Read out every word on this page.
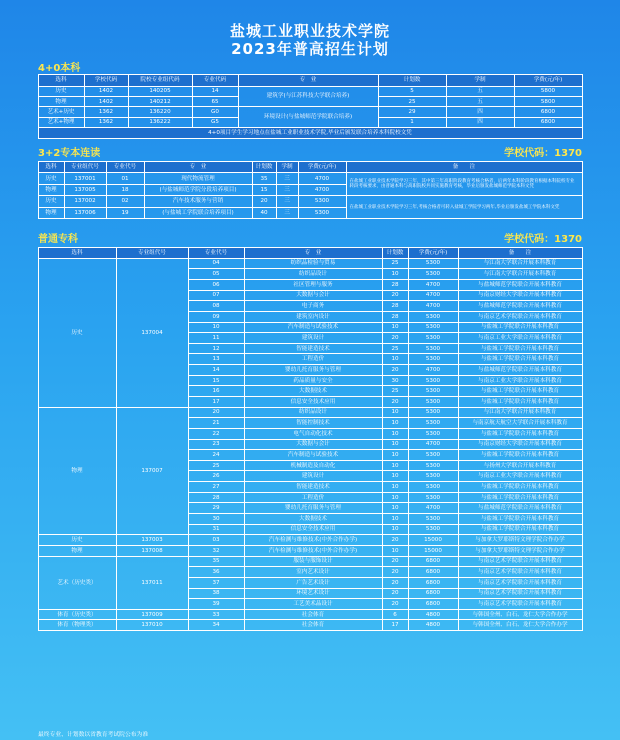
盐城工业职业技术学院
2023年普高招生计划
4+0本科
选科	学校代码	院校专业组代码	专业代码	专　业	计划数	学制	学费(元/年)
历史	1402	140205	14	建筑学(与江苏科技大学联合培养)	5	五	5800
物理	1402	140212	65		25	五	5800
艺术+历史	1362	136220	G0	环境设计(与盐城师范学院联合培养)	29	四	6800
艺术+物理	1362	136222	G5		1	四	6800
4+0项目学生学习地点在盐城工业职业技术学院,毕业后颁发联合培养本科院校文凭							
3+2专本连读	学校代码：1370
选科	专业组代号	专业代号	专　业	计划数	学制	学费(元/年)	备　　注
历史	137001	01	现代物流管理	35	三	4700	在盐城工业职业技术学院学习三年，其中第三年高职阶段教育考核合格者，后两年本科阶段教育根据本科院校专业转段考核要求，由普通本科与高职院校共同实施教育考核，毕业后颁发盐城师范学院本科文凭
物理	137005	18	(与盐城师范学院分段培养项目)	15	三	4700	
历史	137002	02	汽车技术服务与营销	20	三	5300	在盐城工业职业技术学院学习三年,考核合格者可转入盐城工学院学习两年,毕业后颁发盐城工学院本科文凭
物理	137006	19	(与盐城工学院联合培养项目)	40	三	5300	
普通专科	学校代码：1370
选科	专业组代号	专业代号	专　业	计划数	学费(元/年)	备　　注
历史	137004	04	纺织品检验与贸易	25	5300	与江南大学联合开展本科教育
		05	纺织品设计	10	5300	与江南大学联合开展本科教育
		06	社区管理与服务	28	4700	与盐城师范学院联合开展本科教育
		07	大数据与会计	20	4700	与南京财经大学联合开展本科教育
		08	电子商务	28	4700	与盐城师范学院联合开展本科教育
		09	建筑室内设计	28	5300	与南京艺术学院联合开展本科教育
		10	汽车制造与试验技术	10	5300	与盐城工学院联合开展本科教育
		11	建筑设计	20	5300	与南京工业大学联合开展本科教育
		12	智能建造技术	25	5300	与盐城工学院联合开展本科教育
		13	工程造价	10	5300	与盐城工学院联合开展本科教育
		14	婴幼儿托育服务与管理	20	4700	与盐城师范学院联合开展本科教育
		15	药品质量与安全	30	5300	与南京工业大学联合开展本科教育
		16	大数据技术	25	5300	与盐城工学院联合开展本科教育
		17	信息安全技术应用	20	5300	与盐城工学院联合开展本科教育
物理	137007	20	纺织品设计	10	5300	与江南大学联合开展本科教育
		21	智能控制技术	10	5300	与南京航天航空大学联合开展本科教育
		22	电气自动化技术	10	5300	与盐城工学院联合开展本科教育
		23	大数据与会计	10	4700	与南京财经大学联合开展本科教育
		24	汽车制造与试验技术	10	5300	与盐城工学院联合开展本科教育
		25	机械制造及自动化	10	5300	与扬州大学联合开展本科教育
		26	建筑设计	10	5300	与南京工业大学联合开展本科教育
		27	智能建造技术	10	5300	与盐城工学院联合开展本科教育
		28	工程造价	10	5300	与盐城工学院联合开展本科教育
		29	婴幼儿托育服务与管理	10	4700	与盐城师范学院联合开展本科教育
		30	大数据技术	10	5300	与盐城工学院联合开展本科教育
		31	信息安全技术应用	10	5300	与盐城工学院联合开展本科教育
历史	137003	03	汽车检测与维修技术(中外合作办学)	20	15000	与加拿大罗耶斯特文理学院合作办学
物理	137008	32	汽车检测与维修技术(中外合作办学)	10	15000	与加拿大罗耶斯特文理学院合作办学
艺术（历史类）	137011	35	服装与服饰设计	20	6800	与南京艺术学院联合开展本科教育
		36	室内艺术设计	20	6800	与南京艺术学院联合开展本科教育
		37	广告艺术设计	20	6800	与南京艺术学院联合开展本科教育
		38	环境艺术设计	20	6800	与南京艺术学院联合开展本科教育
		39	工艺美术品设计	20	6800	与南京艺术学院联合开展本科教育
体育（历史类）	137009	33	社会体育	6	4800	与韩国全州、白石、龙仁大学合作办学
体育（物理类）	137010	34	社会体育	17	4800	与韩国全州、白石、龙仁大学合作办学
最终专业、计划数以省教育考试院公布为准
